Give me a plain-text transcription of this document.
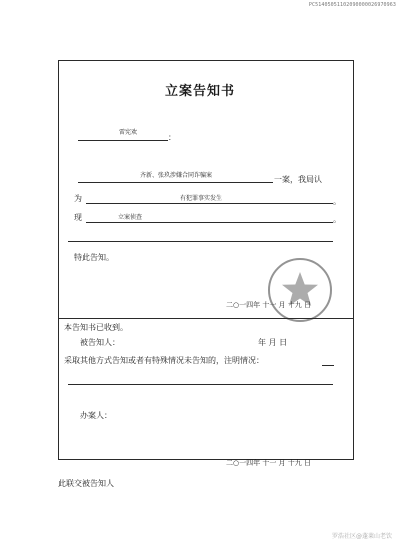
PC51405051102090000026970963
立案告知书
雷宪欢
：
齐新、张玖涉嫌合同诈骗案	一案，我局认
为	有犯罪事实发生	。
现	立案侦查	。
特此告知。
二○一四年 十一 月 十九 日
本告知书已收到。
被告知人：	年 月 日
采取其他方式告知或者有特殊情况未告知的，注明情况：
办案人：
二○一四年 十一 月 十九 日
此联交被告知人
罗浩社区@蓬莱山老饮
